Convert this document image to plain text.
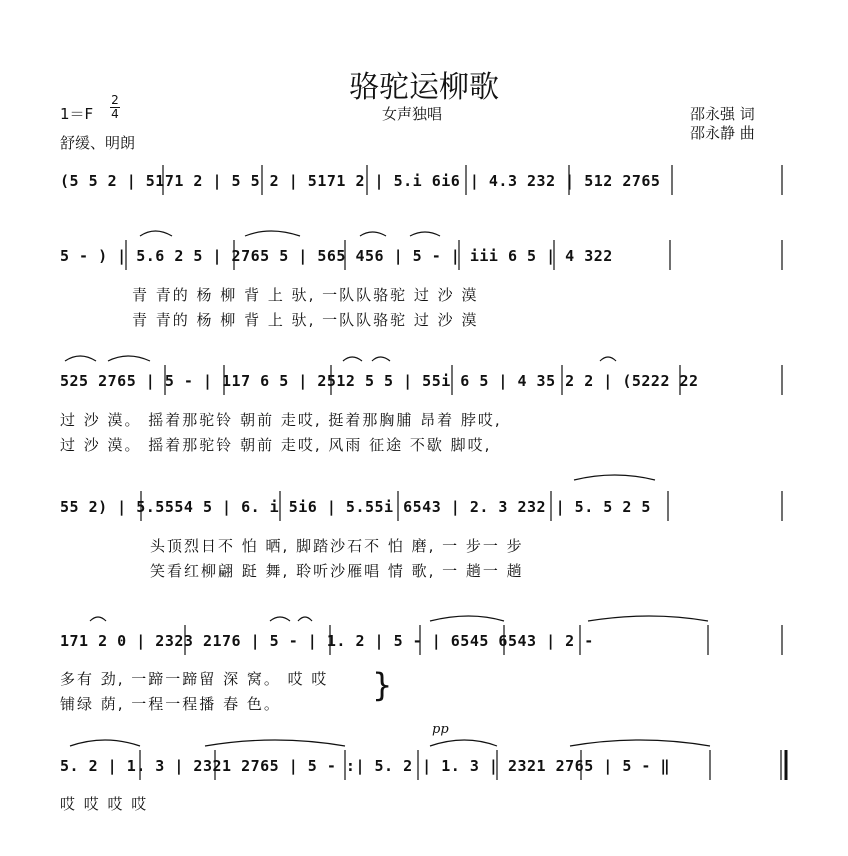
骆驼运柳歌
女声独唱
1＝F
2
4
舒缓、明朗
邵永强 词
邵永静 曲
(5 5 2 | 5171 2 | 5 5 2 | 5171 2 | 5.i 6i6 | 4.3 232 | 512 2765
5 - ) | 5.6 2 5 | 2765 5 | 565 456 | 5 - | iii 6 5 | 4 322
青 青的 杨 柳 背 上 驮, 一队队骆驼 过 沙 漠
青 青的 杨 柳 背 上 驮, 一队队骆驼 过 沙 漠
525 2765 | 5 - | 117 6 5 | 2512 5 5 | 55i 6 5 | 4 35 2 2 | (5222 22
过 沙 漠。 摇着那驼铃 朝前 走哎, 挺着那胸脯 昂着 脖哎,
过 沙 漠。 摇着那驼铃 朝前 走哎, 风雨 征途 不歇 脚哎,
55 2) | 5.5554 5 | 6. i 5i6 | 5.55i 6543 | 2. 3 232 | 5. 5 2 5
头顶烈日不 怕 晒, 脚踏沙石不 怕 磨, 一 步一 步
笑看红柳翩 跹 舞, 聆听沙雁唱 情 歌, 一 趟一 趟
171 2 0 | 2323 2176 | 5 - | 1. 2 | 5 - | 6545 6543 | 2 -
多有 劲, 一蹄一蹄留 深 窝。 哎 哎
铺绿 荫, 一程一程播 春 色。
pp
5. 2 | 1. 3 | 2321 2765 | 5 - :| 5. 2 | 1. 3 | 2321 2765 | 5 - ‖
哎 哎 哎 哎
}
